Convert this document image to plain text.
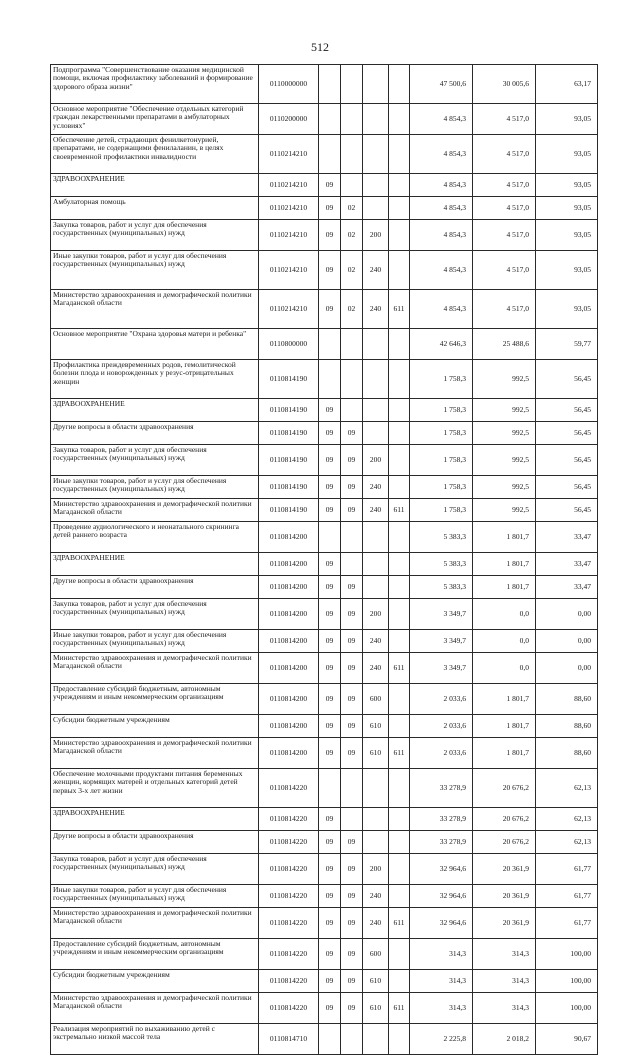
512
Подпрограмма "Совершенствование оказания медицинской помощи, включая профилактику заболеваний и формирование здорового образа жизни"	0110000000					47 500,6	30 005,6	63,17
Основное мероприятие "Обеспечение отдельных категорий граждан лекарственными препаратами в амбулаторных условиях"	0110200000					4 854,3	4 517,0	93,05
Обеспечение детей, страдающих фенилкетонурией, препаратами, не содержащими фенилаланин, в целях своевременной профилактики инвалидности	0110214210					4 854,3	4 517,0	93,05
ЗДРАВООХРАНЕНИЕ	0110214210	09				4 854,3	4 517,0	93,05
Амбулаторная помощь	0110214210	09	02			4 854,3	4 517,0	93,05
Закупка товаров, работ и услуг для обеспечения государственных (муниципальных) нужд	0110214210	09	02	200		4 854,3	4 517,0	93,05
Иные закупки товаров, работ и услуг для обеспечения государственных (муниципальных) нужд	0110214210	09	02	240		4 854,3	4 517,0	93,05
Министерство здравоохранения и демографической политики Магаданской области	0110214210	09	02	240	611	4 854,3	4 517,0	93,05
Основное мероприятие "Охрана здоровья матери и ребенка"	0110800000					42 646,3	25 488,6	59,77
Профилактика преждевременных родов, гемолитической болезни плода и новорожденных у резус-отрицательных женщин	0110814190					1 758,3	992,5	56,45
ЗДРАВООХРАНЕНИЕ	0110814190	09				1 758,3	992,5	56,45
Другие вопросы в области здравоохранения	0110814190	09	09			1 758,3	992,5	56,45
Закупка товаров, работ и услуг для обеспечения государственных (муниципальных) нужд	0110814190	09	09	200		1 758,3	992,5	56,45
Иные закупки товаров, работ и услуг для обеспечения государственных (муниципальных) нужд	0110814190	09	09	240		1 758,3	992,5	56,45
Министерство здравоохранения и демографической политики Магаданской области	0110814190	09	09	240	611	1 758,3	992,5	56,45
Проведение аудиологического и неонатального скрининга детей раннего возраста	0110814200					5 383,3	1 801,7	33,47
ЗДРАВООХРАНЕНИЕ	0110814200	09				5 383,3	1 801,7	33,47
Другие вопросы в области здравоохранения	0110814200	09	09			5 383,3	1 801,7	33,47
Закупка товаров, работ и услуг для обеспечения государственных (муниципальных) нужд	0110814200	09	09	200		3 349,7	0,0	0,00
Иные закупки товаров, работ и услуг для обеспечения государственных (муниципальных) нужд	0110814200	09	09	240		3 349,7	0,0	0,00
Министерство здравоохранения и демографической политики Магаданской области	0110814200	09	09	240	611	3 349,7	0,0	0,00
Предоставление субсидий бюджетным, автономным учреждениям и иным некоммерческим организациям	0110814200	09	09	600		2 033,6	1 801,7	88,60
Субсидии бюджетным учреждениям	0110814200	09	09	610		2 033,6	1 801,7	88,60
Министерство здравоохранения и демографической политики Магаданской области	0110814200	09	09	610	611	2 033,6	1 801,7	88,60
Обеспечение молочными продуктами питания беременных женщин, кормящих матерей и отдельных категорий детей первых 3-х лет жизни	0110814220					33 278,9	20 676,2	62,13
ЗДРАВООХРАНЕНИЕ	0110814220	09				33 278,9	20 676,2	62,13
Другие вопросы в области здравоохранения	0110814220	09	09			33 278,9	20 676,2	62,13
Закупка товаров, работ и услуг для обеспечения государственных (муниципальных) нужд	0110814220	09	09	200		32 964,6	20 361,9	61,77
Иные закупки товаров, работ и услуг для обеспечения государственных (муниципальных) нужд	0110814220	09	09	240		32 964,6	20 361,9	61,77
Министерство здравоохранения и демографической политики Магаданской области	0110814220	09	09	240	611	32 964,6	20 361,9	61,77
Предоставление субсидий бюджетным, автономным учреждениям и иным некоммерческим организациям	0110814220	09	09	600		314,3	314,3	100,00
Субсидии бюджетным учреждениям	0110814220	09	09	610		314,3	314,3	100,00
Министерство здравоохранения и демографической политики Магаданской области	0110814220	09	09	610	611	314,3	314,3	100,00
Реализация мероприятий по выхаживанию детей с экстремально низкой массой тела	0110814710					2 225,8	2 018,2	90,67
